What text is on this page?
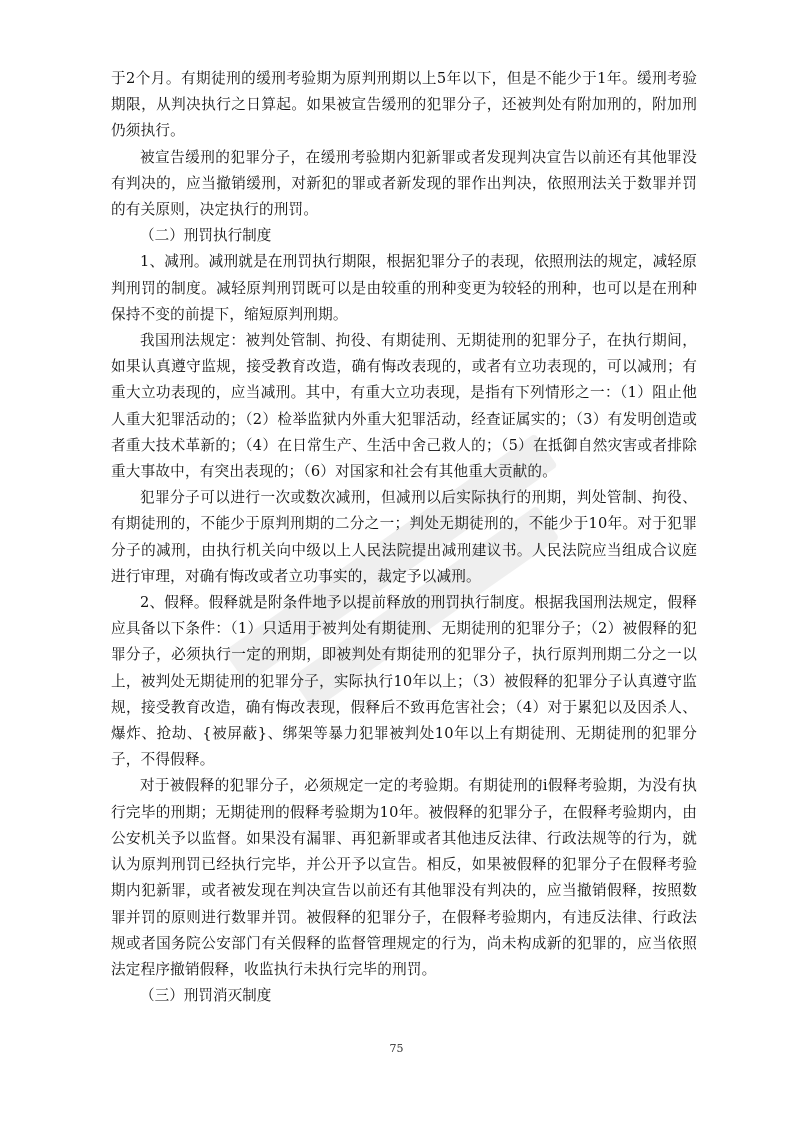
于2个月。有期徒刑的缓刑考验期为原判刑期以上5年以下，但是不能少于1年。缓刑考验期限，从判决执行之日算起。如果被宣告缓刑的犯罪分子，还被判处有附加刑的，附加刑仍须执行。

被宣告缓刑的犯罪分子，在缓刑考验期内犯新罪或者发现判决宣告以前还有其他罪没有判决的，应当撤销缓刑，对新犯的罪或者新发现的罪作出判决，依照刑法关于数罪并罚的有关原则，决定执行的刑罚。

（二）刑罚执行制度

1、减刑。减刑就是在刑罚执行期限，根据犯罪分子的表现，依照刑法的规定，减轻原判刑罚的制度。减轻原判刑罚既可以是由较重的刑种变更为较轻的刑种，也可以是在刑种保持不变的前提下，缩短原判刑期。

我国刑法规定：被判处管制、拘役、有期徒刑、无期徒刑的犯罪分子，在执行期间，如果认真遵守监规，接受教育改造，确有悔改表现的，或者有立功表现的，可以减刑；有重大立功表现的，应当减刑。其中，有重大立功表现，是指有下列情形之一：（1）阻止他人重大犯罪活动的；（2）检举监狱内外重大犯罪活动，经查证属实的；（3）有发明创造或者重大技术革新的；（4）在日常生产、生活中舍己救人的；（5）在抵御自然灾害或者排除重大事故中，有突出表现的；（6）对国家和社会有其他重大贡献的。

犯罪分子可以进行一次或数次减刑，但减刑以后实际执行的刑期，判处管制、拘役、有期徒刑的，不能少于原判刑期的二分之一；判处无期徒刑的，不能少于10年。对于犯罪分子的减刑，由执行机关向中级以上人民法院提出减刑建议书。人民法院应当组成合议庭进行审理，对确有悔改或者立功事实的，裁定予以减刑。

2、假释。假释就是附条件地予以提前释放的刑罚执行制度。根据我国刑法规定，假释应具备以下条件：（1）只适用于被判处有期徒刑、无期徒刑的犯罪分子；（2）被假释的犯罪分子，必须执行一定的刑期，即被判处有期徒刑的犯罪分子，执行原判刑期二分之一以上，被判处无期徒刑的犯罪分子，实际执行10年以上；（3）被假释的犯罪分子认真遵守监规，接受教育改造，确有悔改表现，假释后不致再危害社会；（4）对于累犯以及因杀人、爆炸、抢劫、{被屏蔽}、绑架等暴力犯罪被判处10年以上有期徒刑、无期徒刑的犯罪分子，不得假释。

对于被假释的犯罪分子，必须规定一定的考验期。有期徒刑的i假释考验期，为没有执行完毕的刑期；无期徒刑的假释考验期为10年。被假释的犯罪分子，在假释考验期内，由公安机关予以监督。如果没有漏罪、再犯新罪或者其他违反法律、行政法规等的行为，就认为原判刑罚已经执行完毕，并公开予以宣告。相反，如果被假释的犯罪分子在假释考验期内犯新罪，或者被发现在判决宣告以前还有其他罪没有判决的，应当撤销假释，按照数罪并罚的原则进行数罪并罚。被假释的犯罪分子，在假释考验期内，有违反法律、行政法规或者国务院公安部门有关假释的监督管理规定的行为，尚未构成新的犯罪的，应当依照法定程序撤销假释，收监执行未执行完毕的刑罚。

（三）刑罚消灭制度

75
